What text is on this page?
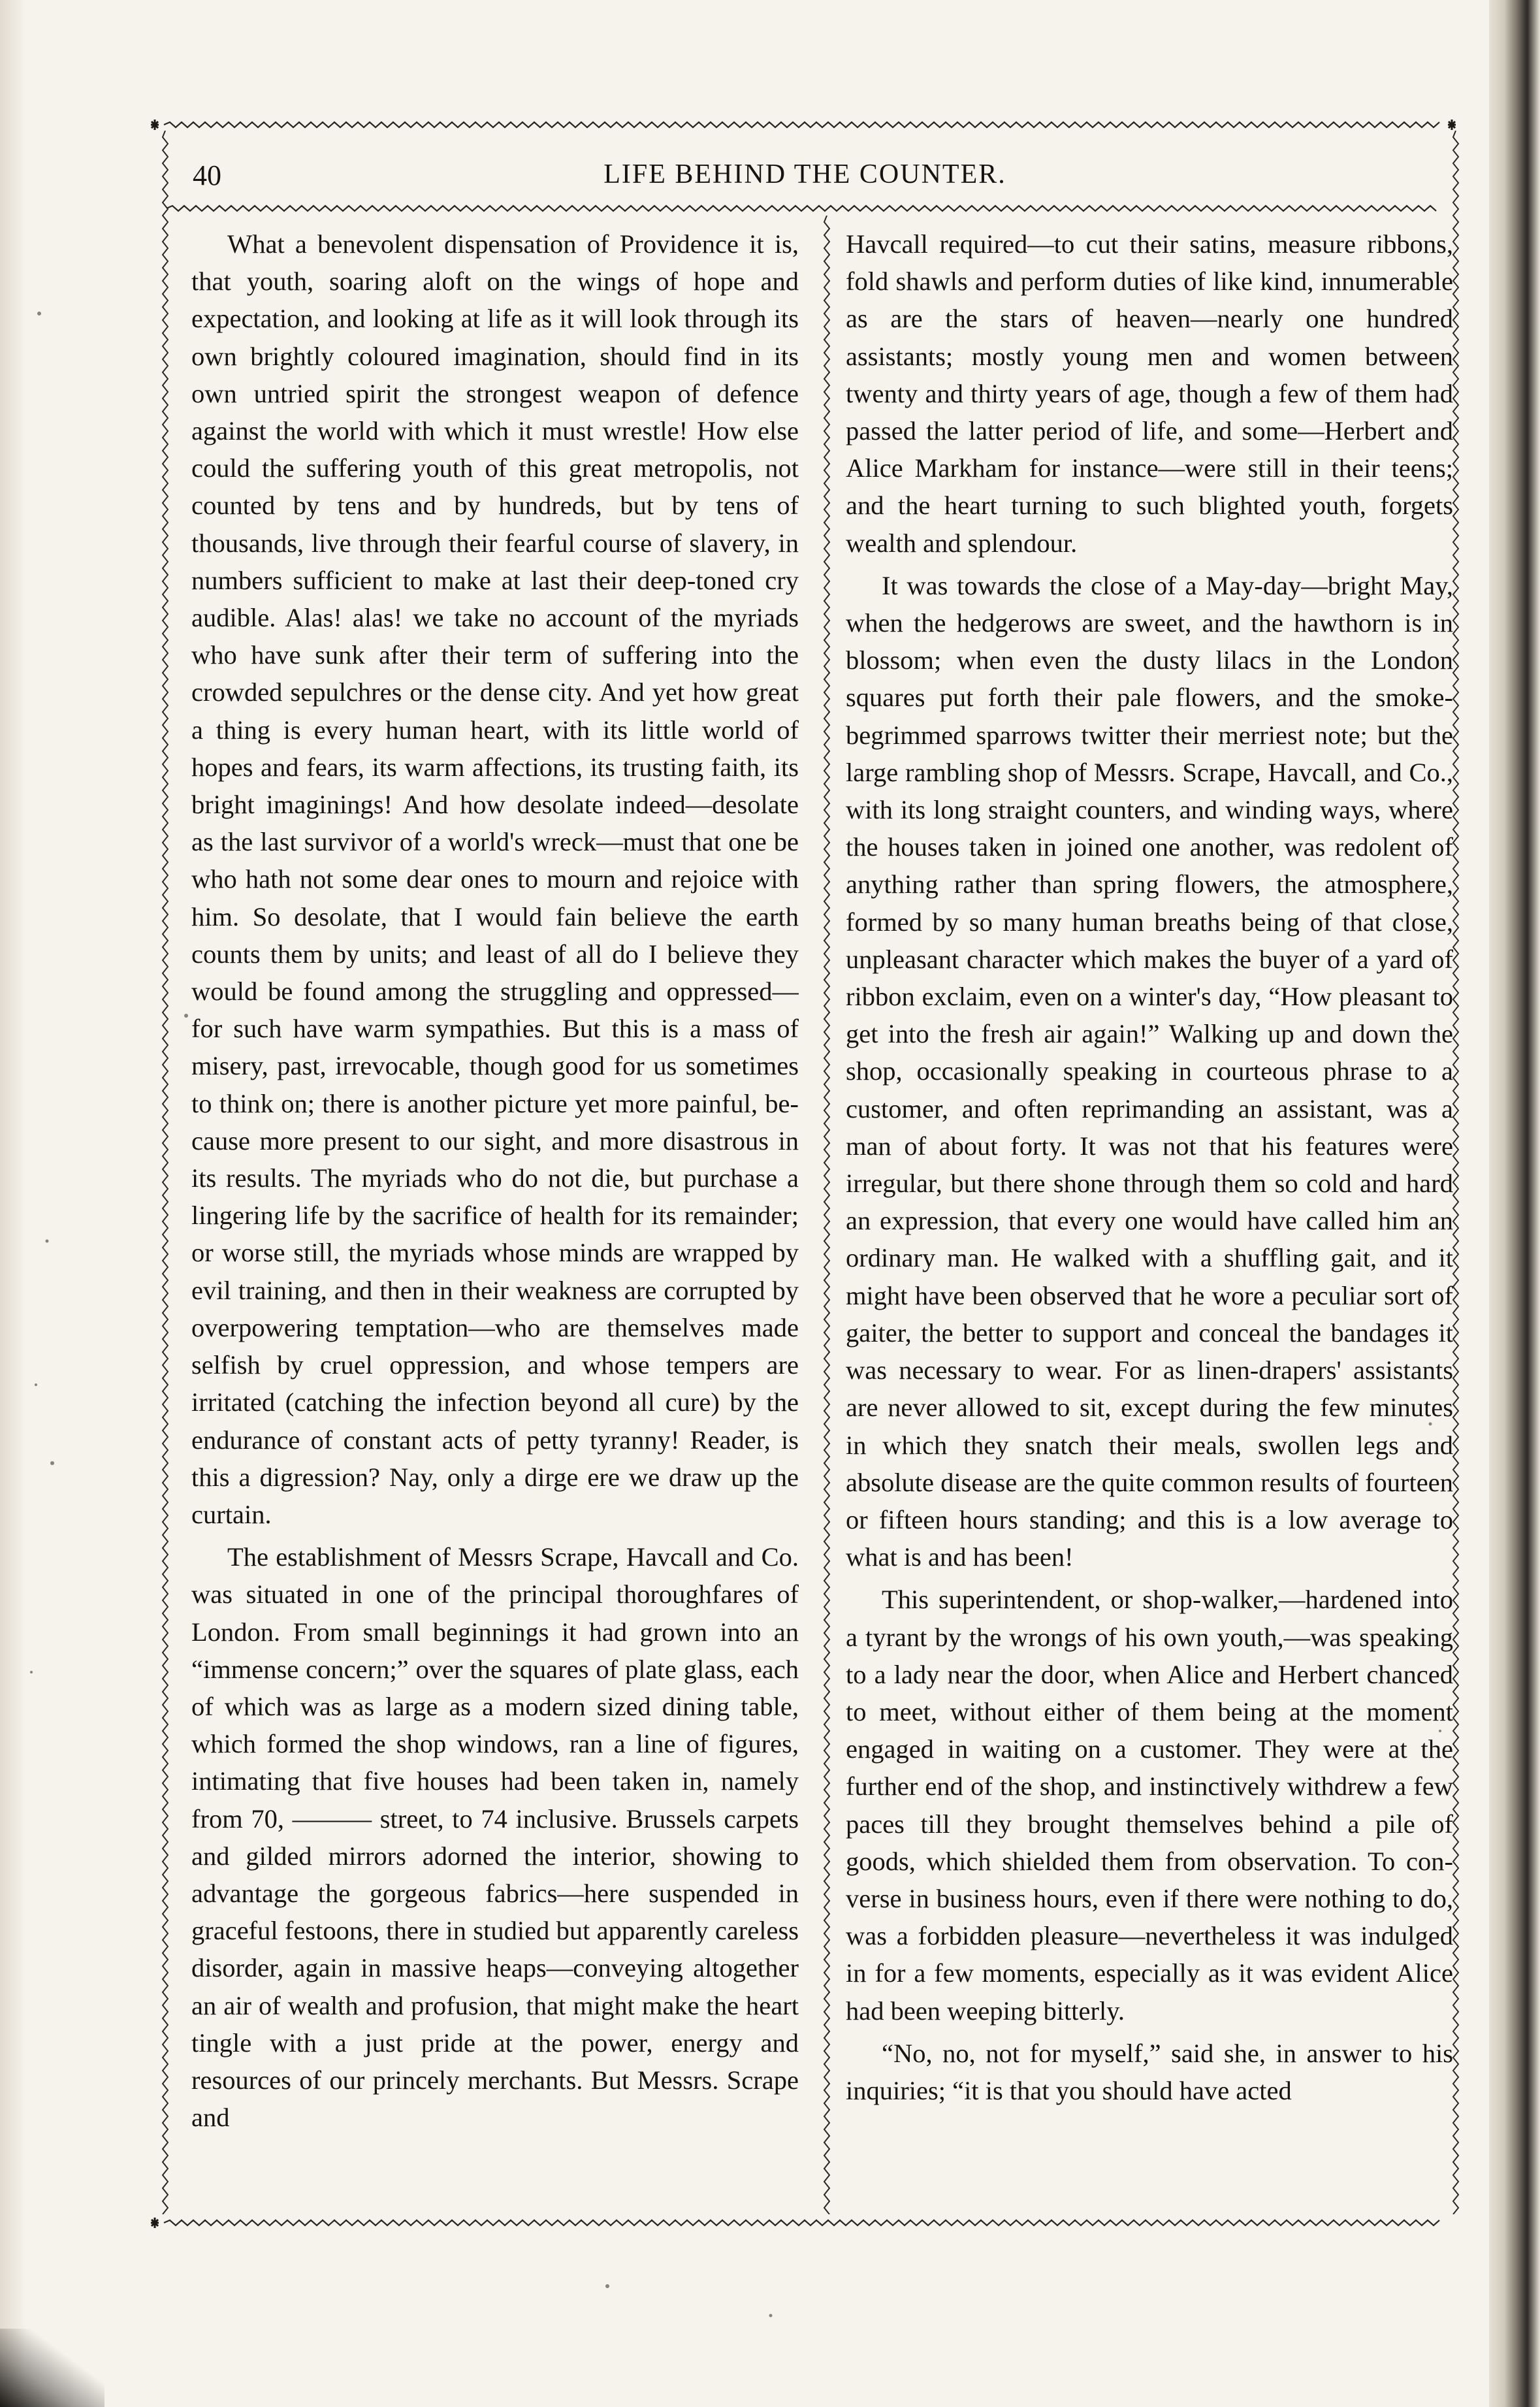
40	LIFE BEHIND THE COUNTER.

What a benevolent dispensation of Providence it is, that youth, soaring aloft on the wings of hope and expectation, and looking at life as it will look through its own brightly coloured imagination, should find in its own untried spirit the strongest weapon of defence against the world with which it must wrestle! How else could the suffering youth of this great metropolis, not counted by tens and by hundreds, but by tens of thousands, live through their fearful course of slavery, in numbers sufficient to make at last their deep-toned cry audible. Alas! alas! we take no account of the myriads who have sunk after their term of suffering into the crowded sepulchres or the dense city. And yet how great a thing is every human heart, with its little world of hopes and fears, its warm affections, its trusting faith, its bright imaginings! And how desolate indeed—desolate as the last survivor of a world's wreck—must that one be who hath not some dear ones to mourn and rejoice with him. So desolate, that I would fain believe the earth counts them by units; and least of all do I believe they would be found among the struggling and oppressed—for such have warm sympathies. But this is a mass of misery, past, irrevocable, though good for us sometimes to think on; there is another picture yet more painful, because more present to our sight, and more disastrous in its results. The myriads who do not die, but purchase a lingering life by the sacrifice of health for its remainder; or worse still, the myriads whose minds are wrapped by evil training, and then in their weakness are corrupted by overpowering temptation—who are themselves made selfish by cruel oppression, and whose tempers are irritated (catching the infection beyond all cure) by the endurance of constant acts of petty tyranny! Reader, is this a digression? Nay, only a dirge ere we draw up the curtain.

The establishment of Messrs Scrape, Havcall and Co. was situated in one of the principal thoroughfares of London. From small beginnings it had grown into an “immense concern;” over the squares of plate glass, each of which was as large as a modern sized dining table, which formed the shop windows, ran a line of figures, intimating that five houses had been taken in, namely from 70, ——— street, to 74 inclusive. Brussels carpets and gilded mirrors adorned the interior, showing to advantage the gorgeous fabrics—here suspended in graceful festoons, there in studied but apparently careless disorder, again in massive heaps—conveying altogether an air of wealth and profusion, that might make the heart tingle with a just pride at the power, energy and resources of our princely merchants. But Messrs. Scrape and

Havcall required—to cut their satins, measure ribbons, fold shawls and perform duties of like kind, innumerable as are the stars of heaven—nearly one hundred assistants; mostly young men and women between twenty and thirty years of age, though a few of them had passed the latter period of life, and some—Herbert and Alice Markham for instance—were still in their teens; and the heart turning to such blighted youth, forgets wealth and splendour.

It was towards the close of a May-day—bright May, when the hedgerows are sweet, and the hawthorn is in blossom; when even the dusty lilacs in the London squares put forth their pale flowers, and the smoke-begrimmed sparrows twitter their merriest note; but the large rambling shop of Messrs. Scrape, Havcall, and Co., with its long straight counters, and winding ways, where the houses taken in joined one another, was redolent of anything rather than spring flowers, the atmosphere, formed by so many human breaths being of that close, unpleasant character which makes the buyer of a yard of ribbon exclaim, even on a winter's day, “How pleasant to get into the fresh air again!” Walking up and down the shop, occasionally speaking in courteous phrase to a customer, and often reprimanding an assistant, was a man of about forty. It was not that his features were irregular, but there shone through them so cold and hard an expression, that every one would have called him an ordinary man. He walked with a shuffling gait, and it might have been observed that he wore a peculiar sort of gaiter, the better to support and conceal the bandages it was necessary to wear. For as linen-drapers' assistants are never allowed to sit, except during the few minutes in which they snatch their meals, swollen legs and absolute disease are the quite common results of fourteen or fifteen hours standing; and this is a low average to what is and has been!

This superintendent, or shop-walker,—hardened into a tyrant by the wrongs of his own youth,—was speaking to a lady near the door, when Alice and Herbert chanced to meet, without either of them being at the moment engaged in waiting on a customer. They were at the further end of the shop, and instinctively withdrew a few paces till they brought themselves behind a pile of goods, which shielded them from observation. To converse in business hours, even if there were nothing to do, was a forbidden pleasure—nevertheless it was indulged in for a few moments, especially as it was evident Alice had been weeping bitterly.

“No, no, not for myself,” said she, in answer to his inquiries; “it is that you should have acted
